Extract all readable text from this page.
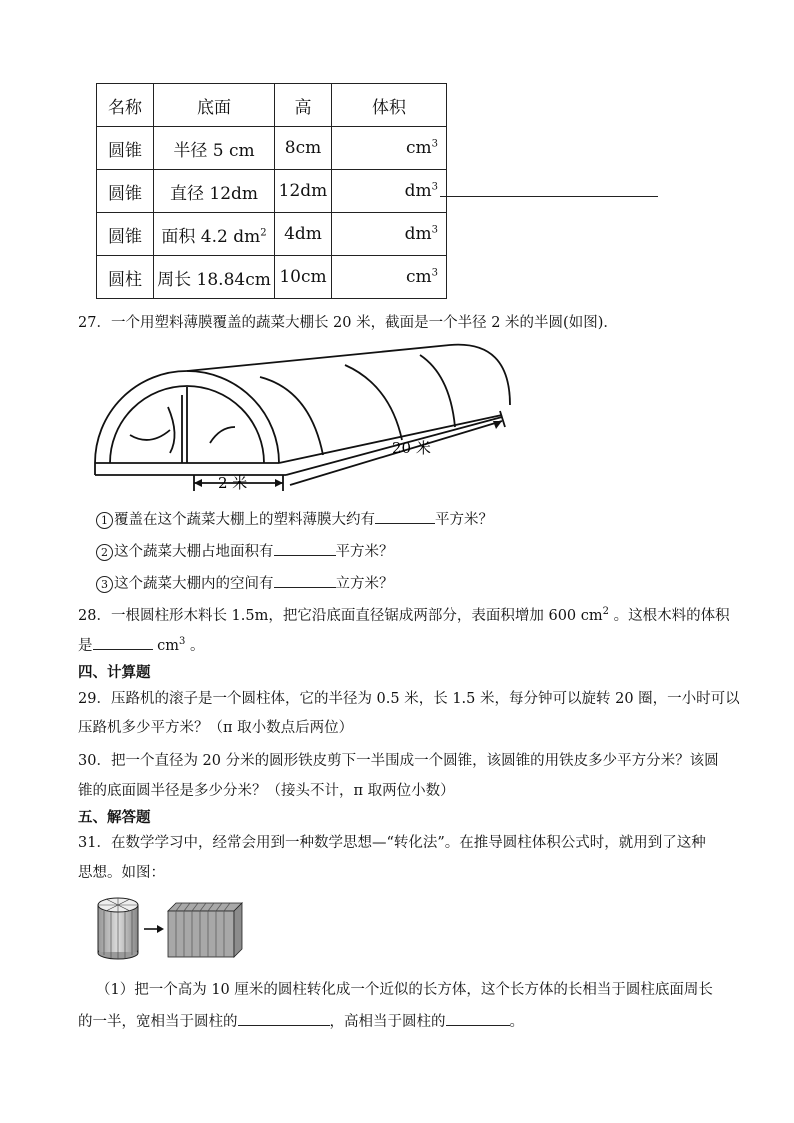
名称	底面	高	体积
圆锥	半径 5 cm	8cm	$cm^3$
圆锥	直径 12dm	12dm	$dm^3$
圆锥	面积 4.2 $dm^2$	4dm	$dm^3$
圆柱	周长 18.84cm	10cm	$cm^3$
27．一个用塑料薄膜覆盖的蔬菜大棚长 20 米，截面是一个半径 2 米的半圆(如图)．
2 米
20 米
1 覆盖在这个蔬菜大棚上的塑料薄膜大约有	平方米？
2 这个蔬菜大棚占地面积有	平方米？
3 这个蔬菜大棚内的空间有	立方米？
28．一根圆柱形木料长 1.5m，把它沿底面直径锯成两部分，表面积增加 600 $cm^2$ 。这根木料的体积
是	$cm^3$ 。
四、计算题
29．压路机的滚子是一个圆柱体，它的半径为 0.5 米，长 1.5 米，每分钟可以旋转 20 圈，一小时可以
压路机多少平方米？（π 取小数点后两位）
30．把一个直径为 20 分米的圆形铁皮剪下一半围成一个圆锥，该圆锥的用铁皮多少平方分米？该圆
锥的底面圆半径是多少分米？（接头不计，π 取两位小数）
五、解答题
31．在数学学习中，经常会用到一种数学思想—“转化法”。在推导圆柱体积公式时，就用到了这种
思想。如图：
（1）把一个高为 10 厘米的圆柱转化成一个近似的长方体，这个长方体的长相当于圆柱底面周长
的一半，宽相当于圆柱的	，高相当于圆柱的	。
